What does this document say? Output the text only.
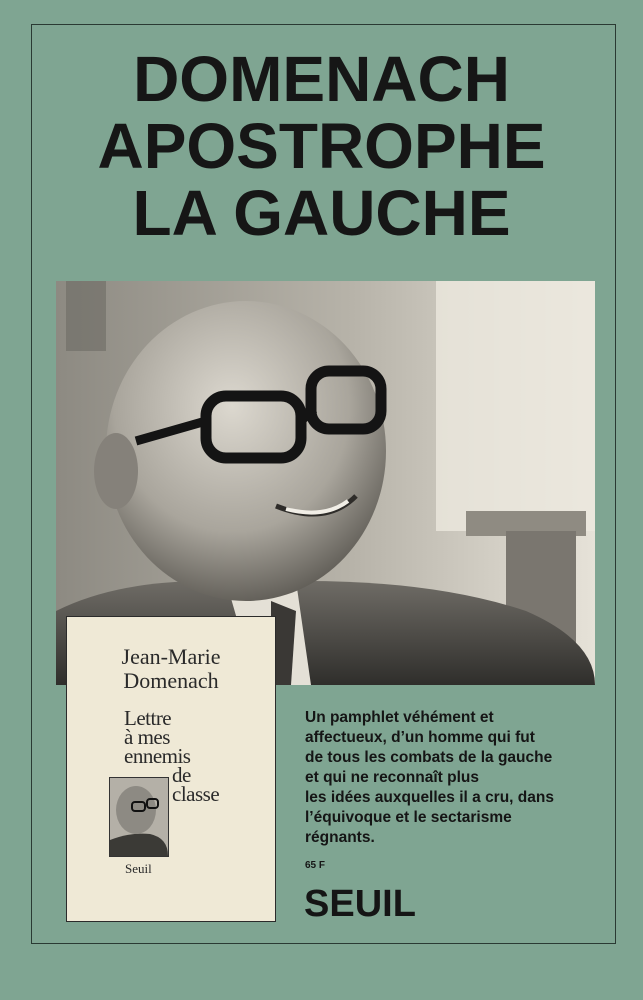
DOMENACH
APOSTROPHE
LA GAUCHE
Jean-Marie
Domenach
Lettre
à mes
ennemis
de
classe
Seuil

Un pamphlet véhément et
affectueux, d’un homme qui fut
de tous les combats de la gauche
et qui ne reconnaît plus
les idées auxquelles il a cru, dans
l’équivoque et le sectarisme
régnants.

65 F
SEUIL
